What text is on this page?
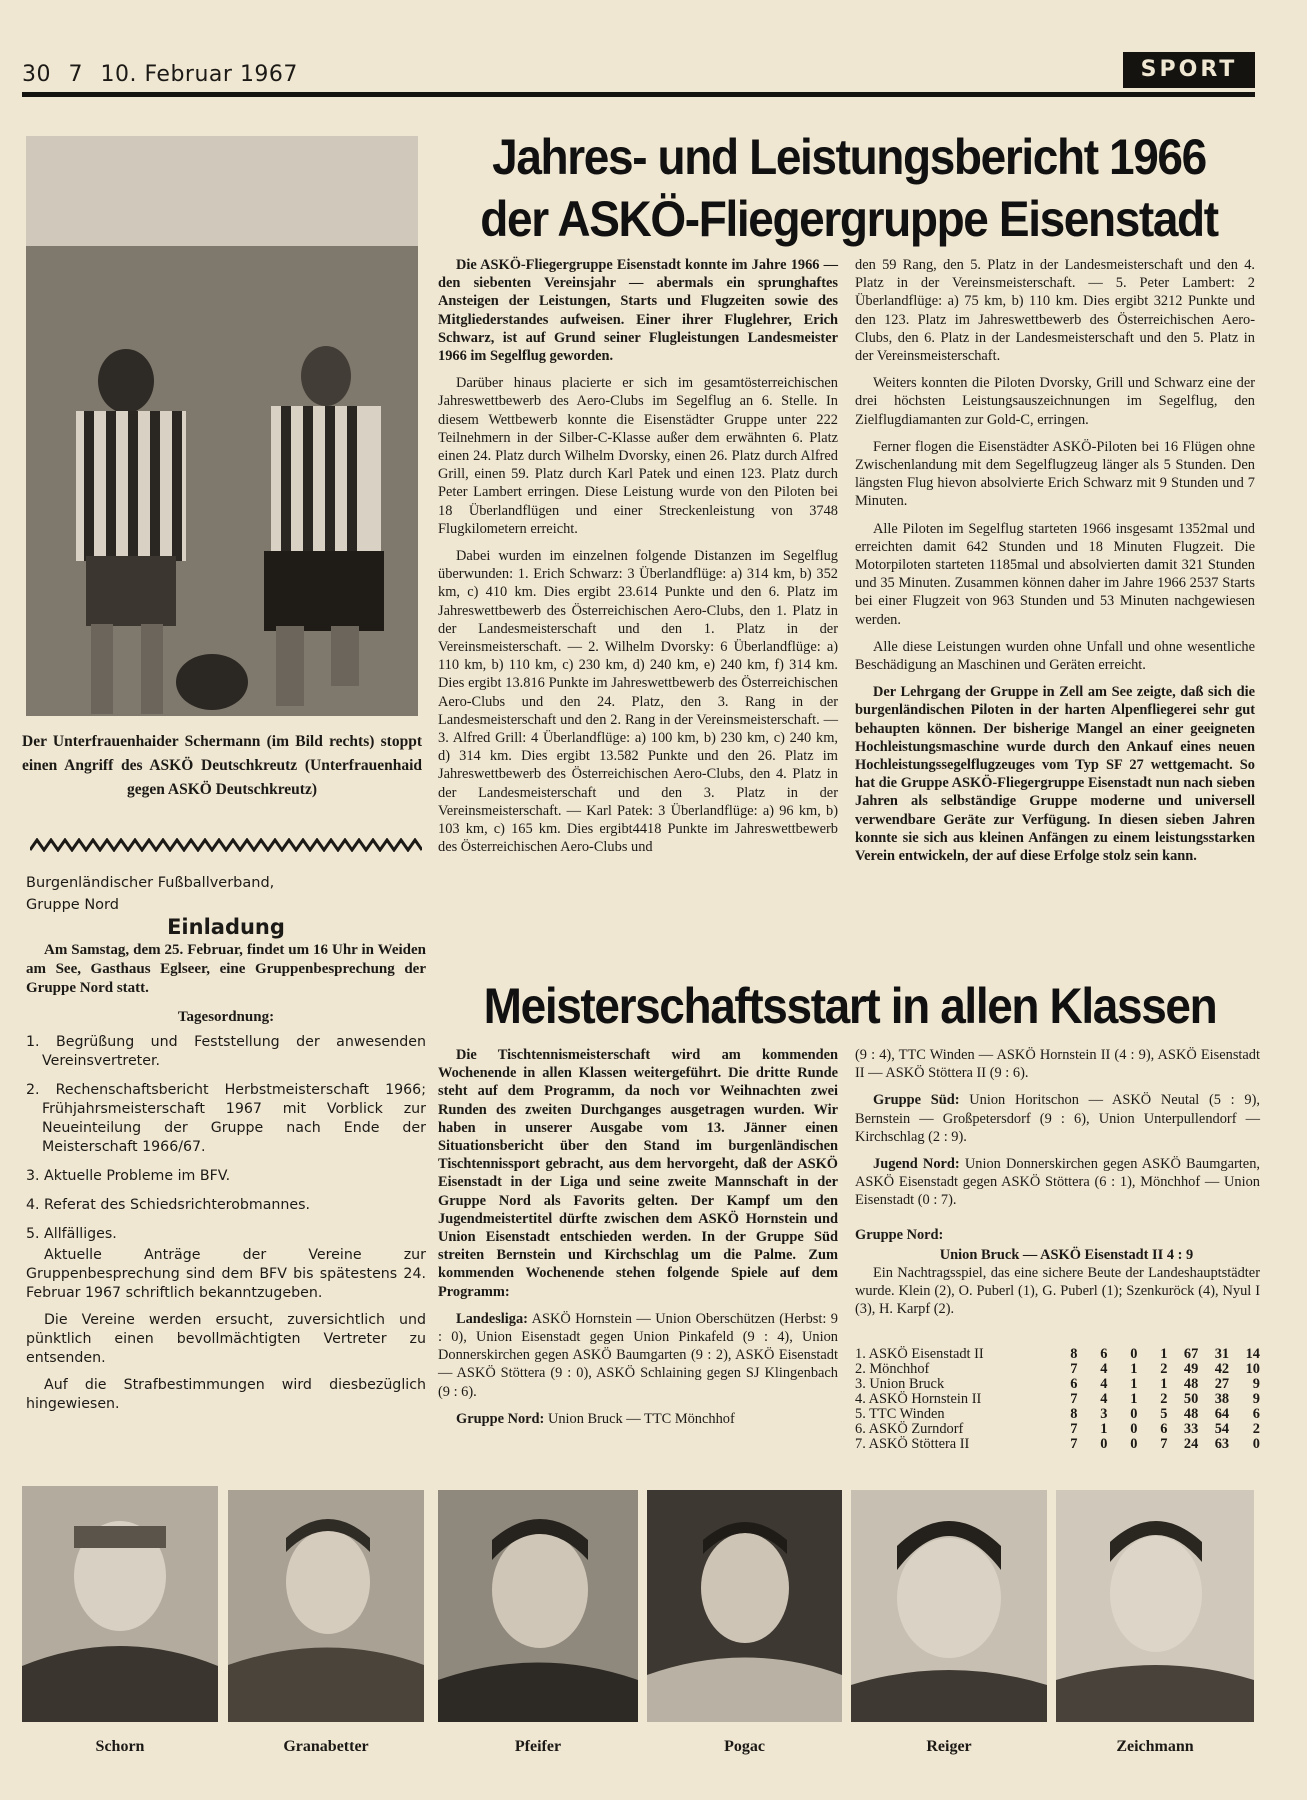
30 7 10. Februar 1967	SPORT
Der Unterfrauenhaider Schermann (im Bild rechts) stoppt einen Angriff des ASKÖ Deutschkreutz (Unterfrauenhaid gegen ASKÖ Deutschkreutz)
Jahres- und Leistungsbericht 1966
der ASKÖ-Fliegergruppe Eisenstadt

Die ASKÖ-Fliegergruppe Eisenstadt konnte im Jahre 1966 — den siebenten Vereinsjahr — abermals ein sprunghaftes Ansteigen der Leistungen, Starts und Flugzeiten sowie des Mitgliederstandes aufweisen. Einer ihrer Fluglehrer, Erich Schwarz, ist auf Grund seiner Flugleistungen Landesmeister 1966 im Segelflug geworden.

Darüber hinaus placierte er sich im gesamtösterreichischen Jahreswettbewerb des Aero-Clubs im Segelflug an 6. Stelle. In diesem Wettbewerb konnte die Eisenstädter Gruppe unter 222 Teilnehmern in der Silber-C-Klasse außer dem erwähnten 6. Platz einen 24. Platz durch Wilhelm Dvorsky, einen 26. Platz durch Alfred Grill, einen 59. Platz durch Karl Patek und einen 123. Platz durch Peter Lambert erringen. Diese Leistung wurde von den Piloten bei 18 Überlandflügen und einer Streckenleistung von 3748 Flugkilometern erreicht.

Dabei wurden im einzelnen folgende Distanzen im Segelflug überwunden: 1. Erich Schwarz: 3 Überlandflüge: a) 314 km, b) 352 km, c) 410 km. Dies ergibt 23.614 Punkte und den 6. Platz im Jahreswettbewerb des Österreichischen Aero-Clubs, den 1. Platz in der Landesmeisterschaft und den 1. Platz in der Vereinsmeisterschaft. — 2. Wilhelm Dvorsky: 6 Überlandflüge: a) 110 km, b) 110 km, c) 230 km, d) 240 km, e) 240 km, f) 314 km. Dies ergibt 13.816 Punkte im Jahreswettbewerb des Österreichischen Aero-Clubs und den 24. Platz, den 3. Rang in der Landesmeisterschaft und den 2. Rang in der Vereinsmeisterschaft. — 3. Alfred Grill: 4 Überlandflüge: a) 100 km, b) 230 km, c) 240 km, d) 314 km. Dies ergibt 13.582 Punkte und den 26. Platz im Jahreswettbewerb des Österreichischen Aero-Clubs, den 4. Platz in der Landesmeisterschaft und den 3. Platz in der Vereinsmeisterschaft. — Karl Patek: 3 Überlandflüge: a) 96 km, b) 103 km, c) 165 km. Dies ergibt4418 Punkte im Jahreswettbewerb des Österreichischen Aero-Clubs und

den 59 Rang, den 5. Platz in der Landesmeisterschaft und den 4. Platz in der Vereinsmeisterschaft. — 5. Peter Lambert: 2 Überlandflüge: a) 75 km, b) 110 km. Dies ergibt 3212 Punkte und den 123. Platz im Jahreswettbewerb des Österreichischen Aero-Clubs, den 6. Platz in der Landesmeisterschaft und den 5. Platz in der Vereinsmeisterschaft.

Weiters konnten die Piloten Dvorsky, Grill und Schwarz eine der drei höchsten Leistungsauszeichnungen im Segelflug, den Zielflugdiamanten zur Gold-C, erringen.

Ferner flogen die Eisenstädter ASKÖ-Piloten bei 16 Flügen ohne Zwischenlandung mit dem Segelflugzeug länger als 5 Stunden. Den längsten Flug hievon absolvierte Erich Schwarz mit 9 Stunden und 7 Minuten.

Alle Piloten im Segelflug starteten 1966 insgesamt 1352mal und erreichten damit 642 Stunden und 18 Minuten Flugzeit. Die Motorpiloten starteten 1185mal und absolvierten damit 321 Stunden und 35 Minuten. Zusammen können daher im Jahre 1966 2537 Starts bei einer Flugzeit von 963 Stunden und 53 Minuten nachgewiesen werden.

Alle diese Leistungen wurden ohne Unfall und ohne wesentliche Beschädigung an Maschinen und Geräten erreicht.

Der Lehrgang der Gruppe in Zell am See zeigte, daß sich die burgenländischen Piloten in der harten Alpenfliegerei sehr gut behaupten können. Der bisherige Mangel an einer geeigneten Hochleistungsmaschine wurde durch den Ankauf eines neuen Hochleistungssegelflugzeuges vom Typ SF 27 wettgemacht. So hat die Gruppe ASKÖ-Fliegergruppe Eisenstadt nun nach sieben Jahren als selbständige Gruppe moderne und universell verwendbare Geräte zur Verfügung. In diesen sieben Jahren konnte sie sich aus kleinen Anfängen zu einem leistungsstarken Verein entwickeln, der auf diese Erfolge stolz sein kann.

Burgenländischer Fußballverband,
Gruppe Nord
Einladung

Am Samstag, dem 25. Februar, findet um 16 Uhr in Weiden am See, Gasthaus Eglseer, eine Gruppenbesprechung der Gruppe Nord statt.

Tagesordnung:

1. Begrüßung und Feststellung der anwesenden Vereinsvertreter.
2. Rechenschaftsbericht Herbstmeisterschaft 1966; Frühjahrsmeisterschaft 1967 mit Vorblick zur Neueinteilung der Gruppe nach Ende der Meisterschaft 1966/67.
3. Aktuelle Probleme im BFV.
4. Referat des Schiedsrichterobmannes.
5. Allfälliges.

Aktuelle Anträge der Vereine zur Gruppenbesprechung sind dem BFV bis spätestens 24. Februar 1967 schriftlich bekanntzugeben.

Die Vereine werden ersucht, zuversichtlich und pünktlich einen bevollmächtigten Vertreter zu entsenden.

Auf die Strafbestimmungen wird diesbezüglich hingewiesen.

Meisterschaftsstart in allen Klassen

Die Tischtennismeisterschaft wird am kommenden Wochenende in allen Klassen weitergeführt. Die dritte Runde steht auf dem Programm, da noch vor Weihnachten zwei Runden des zweiten Durchganges ausgetragen wurden. Wir haben in unserer Ausgabe vom 13. Jänner einen Situationsbericht über den Stand im burgenländischen Tischtennissport gebracht, aus dem hervorgeht, daß der ASKÖ Eisenstadt in der Liga und seine zweite Mannschaft in der Gruppe Nord als Favorits gelten. Der Kampf um den Jugendmeistertitel dürfte zwischen dem ASKÖ Hornstein und Union Eisenstadt entschieden werden. In der Gruppe Süd streiten Bernstein und Kirchschlag um die Palme. Zum kommenden Wochenende stehen folgende Spiele auf dem Programm:

Landesliga: ASKÖ Hornstein — Union Oberschützen (Herbst: 9 : 0), Union Eisenstadt gegen Union Pinkafeld (9 : 4), Union Donnerskirchen gegen ASKÖ Baumgarten (9 : 2), ASKÖ Eisenstadt — ASKÖ Stöttera (9 : 0), ASKÖ Schlaining gegen SJ Klingenbach (9 : 6).

Gruppe Nord: Union Bruck — TTC Mönchhof

(9 : 4), TTC Winden — ASKÖ Hornstein II (4 : 9), ASKÖ Eisenstadt II — ASKÖ Stöttera II (9 : 6).

Gruppe Süd: Union Horitschon — ASKÖ Neutal (5 : 9), Bernstein — Großpetersdorf (9 : 6), Union Unterpullendorf — Kirchschlag (2 : 9).

Jugend Nord: Union Donnerskirchen gegen ASKÖ Baumgarten, ASKÖ Eisenstadt gegen ASKÖ Stöttera (6 : 1), Mönchhof — Union Eisenstadt (0 : 7).

Gruppe Nord:

Union Bruck — ASKÖ Eisenstadt II 4 : 9

Ein Nachtragsspiel, das eine sichere Beute der Landeshauptstädter wurde. Klein (2), O. Puberl (1), G. Puberl (1); Szenkuröck (4), Nyul I (3), H. Karpf (2).

1. ASKÖ Eisenstadt II	8	6	0	1	67	31	14
2. Mönchhof	7	4	1	2	49	42	10
3. Union Bruck	6	4	1	1	48	27	9
4. ASKÖ Hornstein II	7	4	1	2	50	38	9
5. TTC Winden	8	3	0	5	48	64	6
6. ASKÖ Zurndorf	7	1	0	6	33	54	2
7. ASKÖ Stöttera II	7	0	0	7	24	63	0
Schorn	Granabetter	Pfeifer	Pogac	Reiger	Zeichmann
